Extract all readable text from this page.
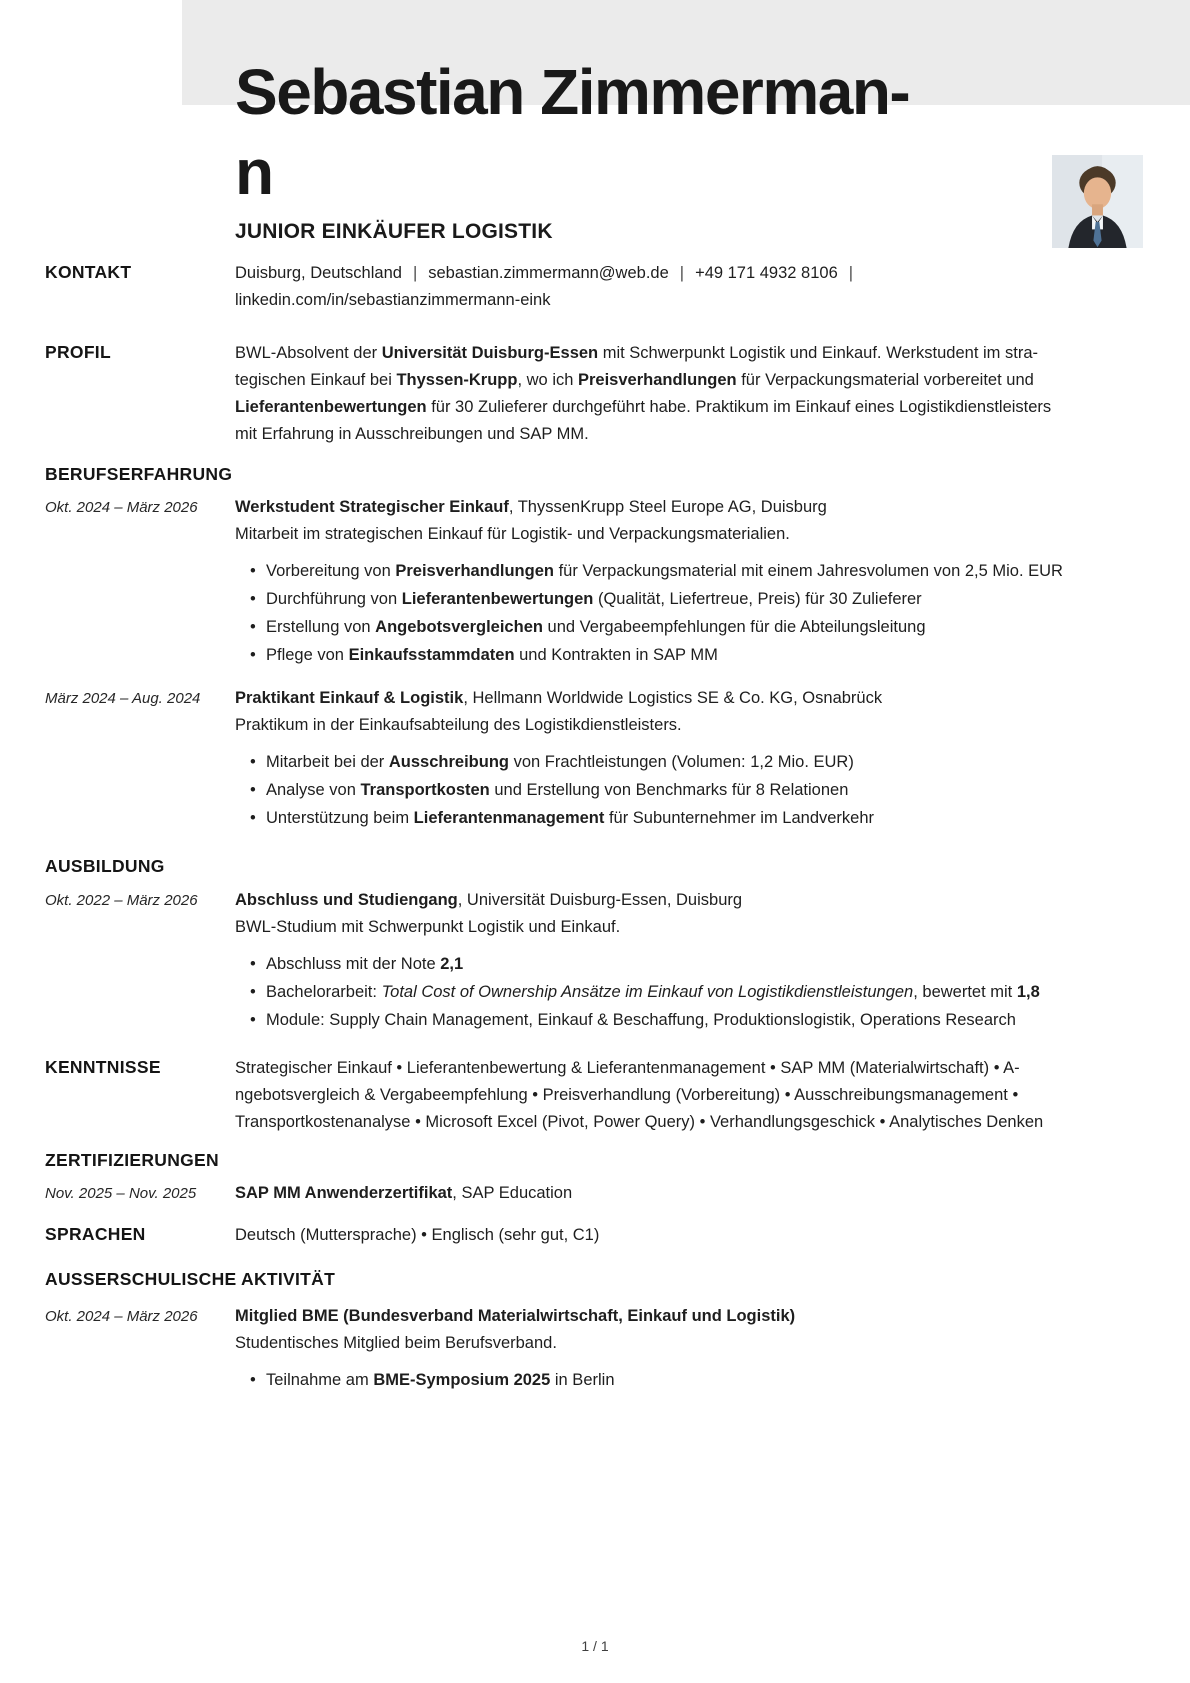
Sebastian Zimmerman-
n
JUNIOR EINKÄUFER LOGISTIK
KONTAKT	Duisburg, Deutschland | sebastian.zimmermann@web.de | +49 171 4932 8106 |
linkedin.com/in/sebastianzimmermann-eink
PROFIL	BWL-Absolvent der Universität Duisburg-Essen mit Schwerpunkt Logistik und Einkauf. Werkstudent im stra-
tegischen Einkauf bei Thyssen-Krupp, wo ich Preisverhandlungen für Verpackungsmaterial vorbereitet und
Lieferantenbewertungen für 30 Zulieferer durchgeführt habe. Praktikum im Einkauf eines Logistikdienstleisters
mit Erfahrung in Ausschreibungen und SAP MM.
BERUFSERFAHRUNG
Okt. 2024 – März 2026	Werkstudent Strategischer Einkauf, ThyssenKrupp Steel Europe AG, Duisburg
Mitarbeit im strategischen Einkauf für Logistik- und Verpackungsmaterialien.
• Vorbereitung von Preisverhandlungen für Verpackungsmaterial mit einem Jahresvolumen von 2,5 Mio. EUR
• Durchführung von Lieferantenbewertungen (Qualität, Liefertreue, Preis) für 30 Zulieferer
• Erstellung von Angebotsvergleichen und Vergabeempfehlungen für die Abteilungsleitung
• Pflege von Einkaufsstammdaten und Kontrakten in SAP MM
März 2024 – Aug. 2024	Praktikant Einkauf & Logistik, Hellmann Worldwide Logistics SE & Co. KG, Osnabrück
Praktikum in der Einkaufsabteilung des Logistikdienstleisters.
• Mitarbeit bei der Ausschreibung von Frachtleistungen (Volumen: 1,2 Mio. EUR)
• Analyse von Transportkosten und Erstellung von Benchmarks für 8 Relationen
• Unterstützung beim Lieferantenmanagement für Subunternehmer im Landverkehr
AUSBILDUNG
Okt. 2022 – März 2026	Abschluss und Studiengang, Universität Duisburg-Essen, Duisburg
BWL-Studium mit Schwerpunkt Logistik und Einkauf.
• Abschluss mit der Note 2,1
• Bachelorarbeit: Total Cost of Ownership Ansätze im Einkauf von Logistikdienstleistungen, bewertet mit 1,8
• Module: Supply Chain Management, Einkauf & Beschaffung, Produktionslogistik, Operations Research
KENNTNISSE	Strategischer Einkauf • Lieferantenbewertung & Lieferantenmanagement • SAP MM (Materialwirtschaft) • A-
ngebotsvergleich & Vergabeempfehlung • Preisverhandlung (Vorbereitung) • Ausschreibungsmanagement •
Transportkostenanalyse • Microsoft Excel (Pivot, Power Query) • Verhandlungsgeschick • Analytisches Denken
ZERTIFIZIERUNGEN
Nov. 2025 – Nov. 2025	SAP MM Anwenderzertifikat, SAP Education
SPRACHEN	Deutsch (Muttersprache) • Englisch (sehr gut, C1)
AUSSERSCHULISCHE AKTIVITÄT
Okt. 2024 – März 2026	Mitglied BME (Bundesverband Materialwirtschaft, Einkauf und Logistik)
Studentisches Mitglied beim Berufsverband.
• Teilnahme am BME-Symposium 2025 in Berlin
1 / 1
